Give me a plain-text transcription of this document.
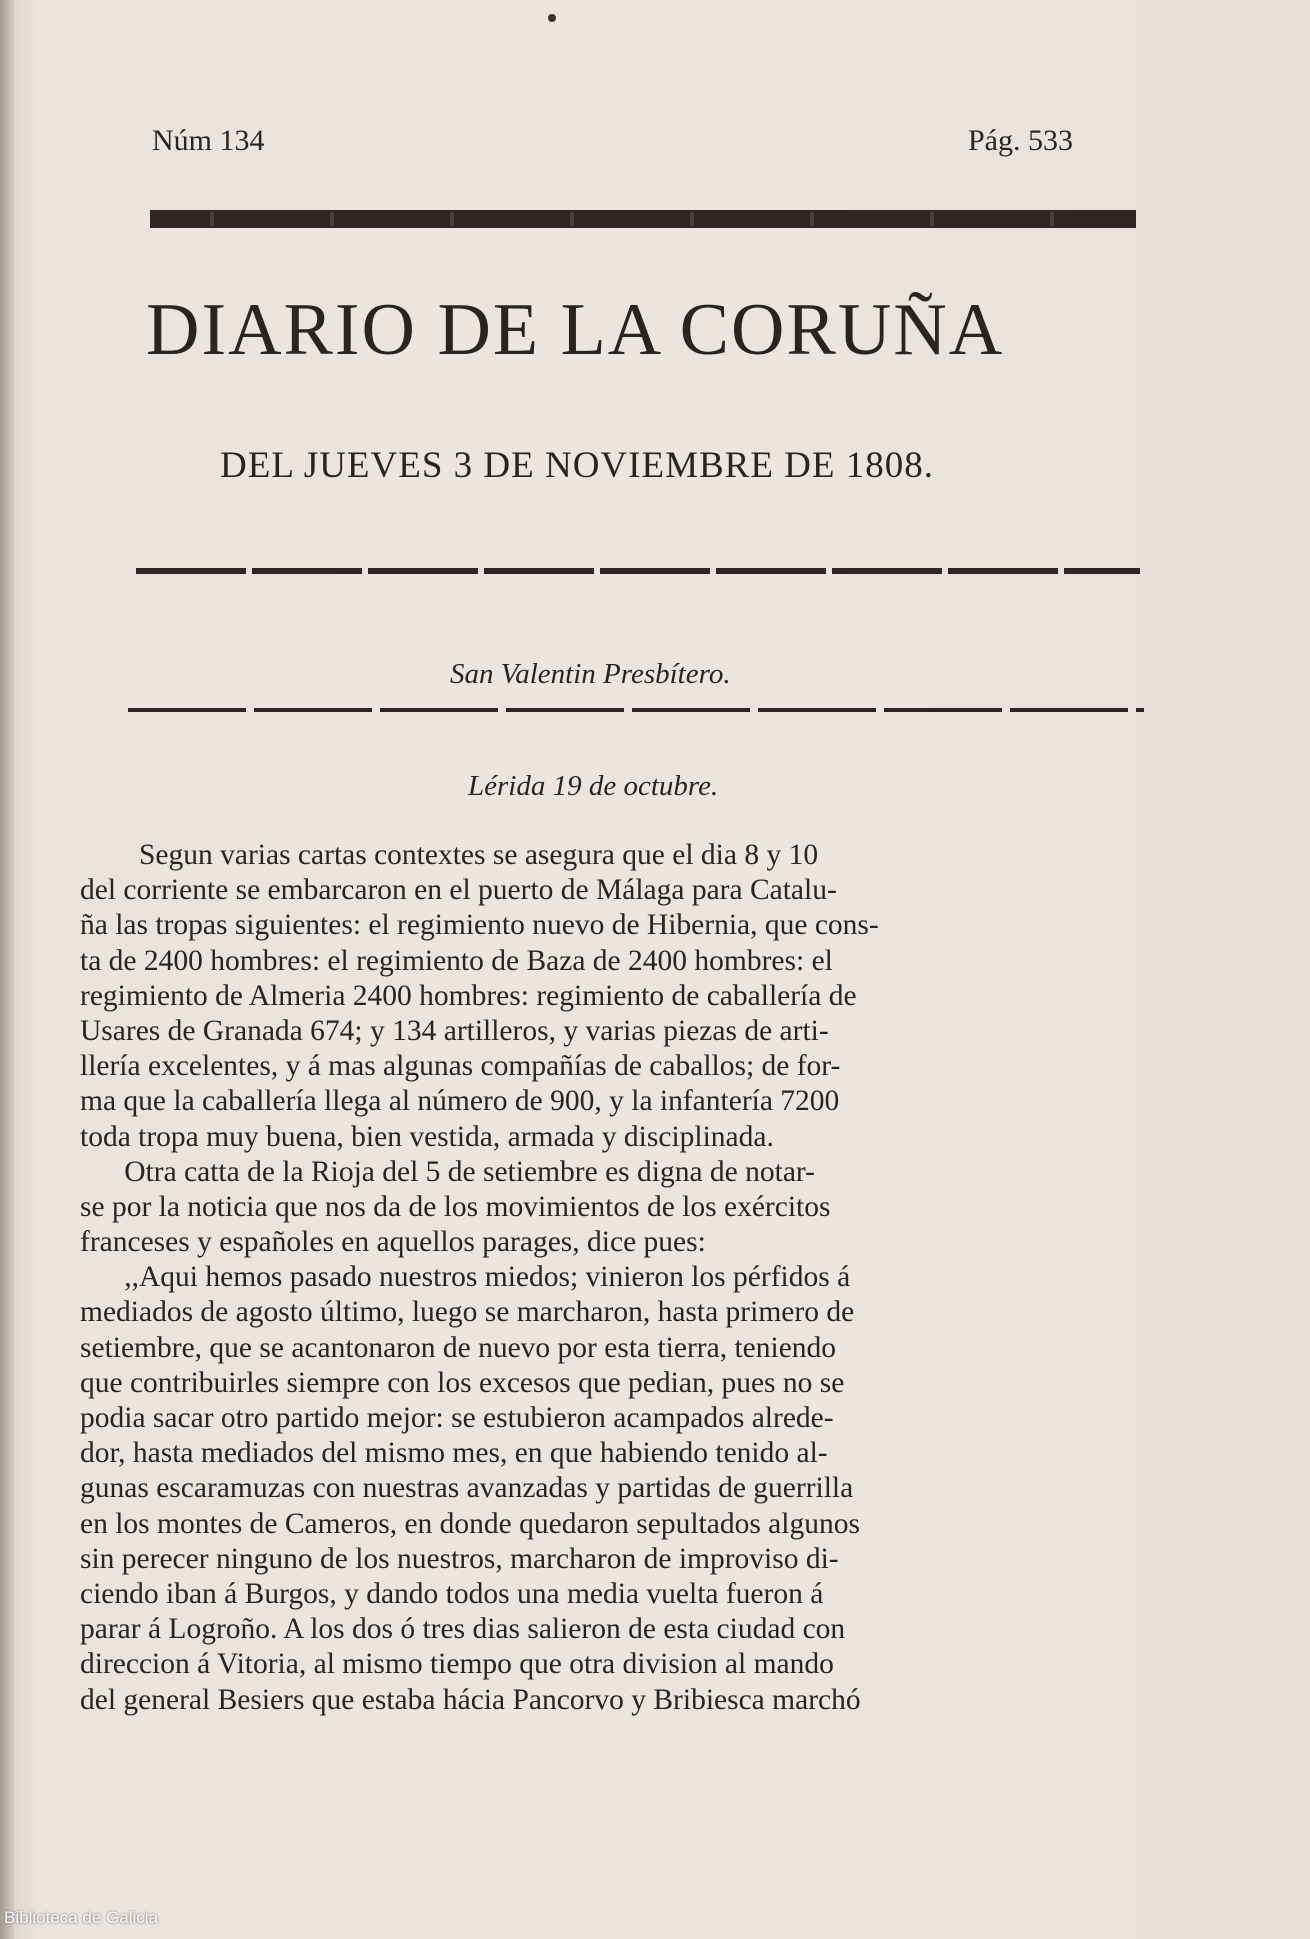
Núm 134	Pág. 533
DIARIO DE LA CORUÑA
DEL JUEVES 3 DE NOVIEMBRE DE 1808.
San Valentin Presbítero.
Lérida 19 de octubre.
Segun varias cartas contextes se asegura que el dia 8 y 10
del corriente se embarcaron en el puerto de Málaga para Catalu-
ña las tropas siguientes: el regimiento nuevo de Hibernia, que cons-
ta de 2400 hombres: el regimiento de Baza de 2400 hombres: el
regimiento de Almeria 2400 hombres: regimiento de caballería de
Usares de Granada 674; y 134 artilleros, y varias piezas de arti-
llería excelentes, y á mas algunas compañías de caballos; de for-
ma que la caballería llega al número de 900, y la infantería 7200
toda tropa muy buena, bien vestida, armada y disciplinada.
Otra catta de la Rioja del 5 de setiembre es digna de notar-
se por la noticia que nos da de los movimientos de los exércitos
franceses y españoles en aquellos parages, dice pues:
,,Aqui hemos pasado nuestros miedos; vinieron los pérfidos á
mediados de agosto último, luego se marcharon, hasta primero de
setiembre, que se acantonaron de nuevo por esta tierra, teniendo
que contribuirles siempre con los excesos que pedian, pues no se
podia sacar otro partido mejor: se estubieron acampados alrede-
dor, hasta mediados del mismo mes, en que habiendo tenido al-
gunas escaramuzas con nuestras avanzadas y partidas de guerrilla
en los montes de Cameros, en donde quedaron sepultados algunos
sin perecer ninguno de los nuestros, marcharon de improviso di-
ciendo iban á Burgos, y dando todos una media vuelta fueron á
parar á Logroño. A los dos ó tres dias salieron de esta ciudad con
direccion á Vitoria, al mismo tiempo que otra division al mando
del general Besiers que estaba hácia Pancorvo y Bribiesca marchó
Biblioteca de Galicia
